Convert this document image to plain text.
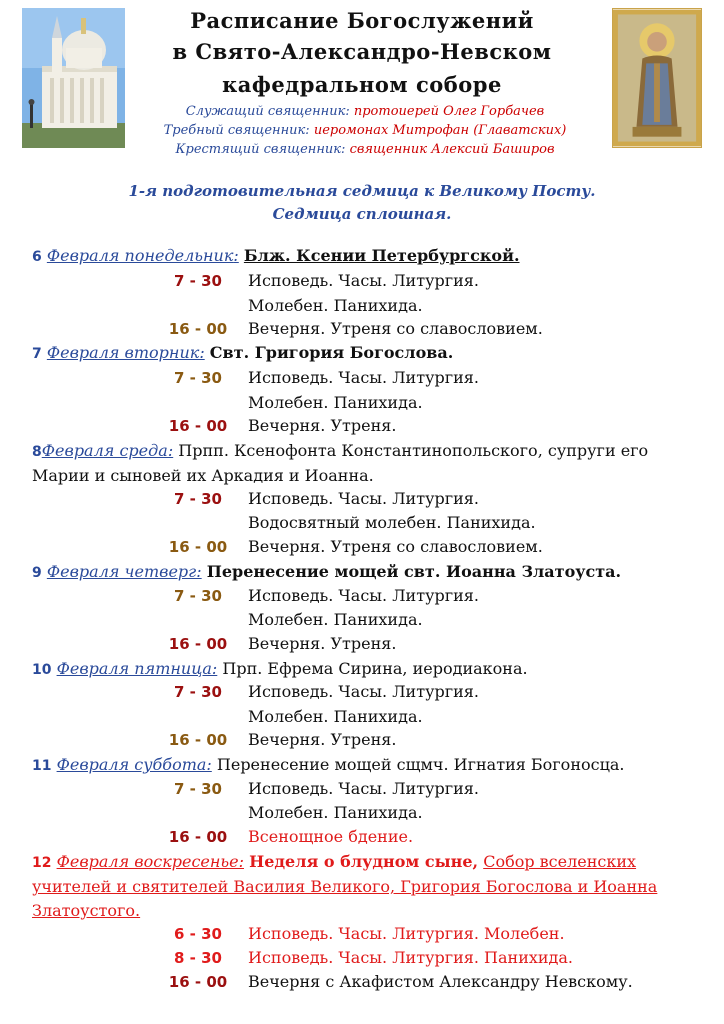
Расписание Богослужений
в Свято-Александро-Невском
кафедральном соборе
Служащий священник: протоиерей Олег Горбачев
Требный священник: иеромонах Митрофан (Главатских)
Крестящий священник: священник Алексий Баширов
1-я подготовительная седмица к Великому Посту.
Седмица сплошная.
6 Февраля понедельник: Блж. Ксении Петербургской.
7 - 30	Исповедь. Часы. Литургия.
Молебен. Панихида.
16 - 00	Вечерня. Утреня со славословием.
7 Февраля вторник: Свт. Григория Богослова.
7 - 30	Исповедь. Часы. Литургия.
Молебен. Панихида.
16 - 00	Вечерня. Утреня.
8Февраля среда: Прпп. Ксенофонта Константинопольского, супруги его Марии и сыновей их Аркадия и Иоанна.
7 - 30	Исповедь. Часы. Литургия.
Водосвятный молебен. Панихида.
16 - 00	Вечерня. Утреня со славословием.
9 Февраля четверг: Перенесение мощей свт. Иоанна Златоуста.
7 - 30	Исповедь. Часы. Литургия.
Молебен. Панихида.
16 - 00	Вечерня. Утреня.
10 Февраля пятница: Прп. Ефрема Сирина, иеродиакона.
7 - 30	Исповедь. Часы. Литургия.
Молебен. Панихида.
16 - 00	Вечерня. Утреня.
11 Февраля суббота: Перенесение мощей сщмч. Игнатия Богоносца.
7 - 30	Исповедь. Часы. Литургия.
Молебен. Панихида.
16 - 00	Всенощное бдение.
12 Февраля воскресенье: Неделя о блудном сыне, Собор вселенских учителей и святителей Василия Великого, Григория Богослова и Иоанна Златоустого.
6 - 30	Исповедь. Часы. Литургия. Молебен.
8 - 30	Исповедь. Часы. Литургия. Панихида.
16 - 00	Вечерня с Акафистом Александру Невскому.
